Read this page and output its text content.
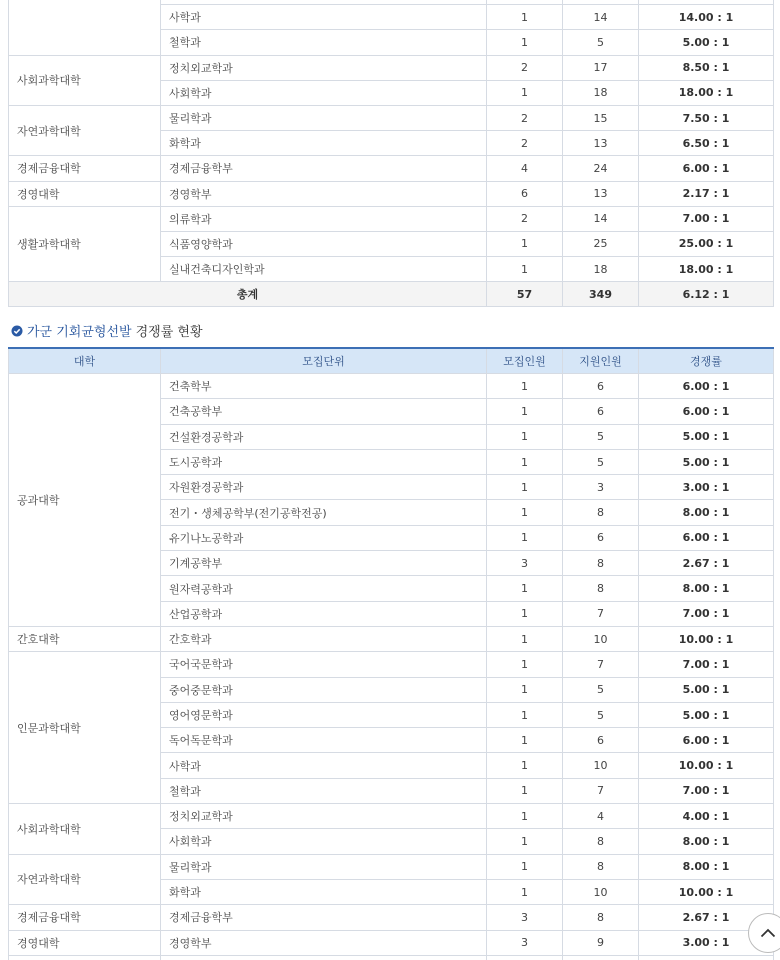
	사학과	1	14	14.00 : 1
	철학과	1	5	5.00 : 1
사회과학대학	정치외교학과	2	17	8.50 : 1
	사회학과	1	18	18.00 : 1
자연과학대학	물리학과	2	15	7.50 : 1
	화학과	2	13	6.50 : 1
경제금융대학	경제금융학부	4	24	6.00 : 1
경영대학	경영학부	6	13	2.17 : 1
생활과학대학	의류학과	2	14	7.00 : 1
	식품영양학과	1	25	25.00 : 1
	실내건축디자인학과	1	18	18.00 : 1
총계		57	349	6.12 : 1
가군 기회균형선발 경쟁률 현황
대학	모집단위	모집인원	지원인원	경쟁률
공과대학	건축학부	1	6	6.00 : 1
	건축공학부	1	6	6.00 : 1
	건설환경공학과	1	5	5.00 : 1
	도시공학과	1	5	5.00 : 1
	자원환경공학과	1	3	3.00 : 1
	전기・생체공학부(전기공학전공)	1	8	8.00 : 1
	유기나노공학과	1	6	6.00 : 1
	기계공학부	3	8	2.67 : 1
	원자력공학과	1	8	8.00 : 1
	산업공학과	1	7	7.00 : 1
간호대학	간호학과	1	10	10.00 : 1
인문과학대학	국어국문학과	1	7	7.00 : 1
	중어중문학과	1	5	5.00 : 1
	영어영문학과	1	5	5.00 : 1
	독어독문학과	1	6	6.00 : 1
	사학과	1	10	10.00 : 1
	철학과	1	7	7.00 : 1
사회과학대학	정치외교학과	1	4	4.00 : 1
	사회학과	1	8	8.00 : 1
자연과학대학	물리학과	1	8	8.00 : 1
	화학과	1	10	10.00 : 1
경제금융대학	경제금융학부	3	8	2.67 : 1
경영대학	경영학부	3	9	3.00 : 1
